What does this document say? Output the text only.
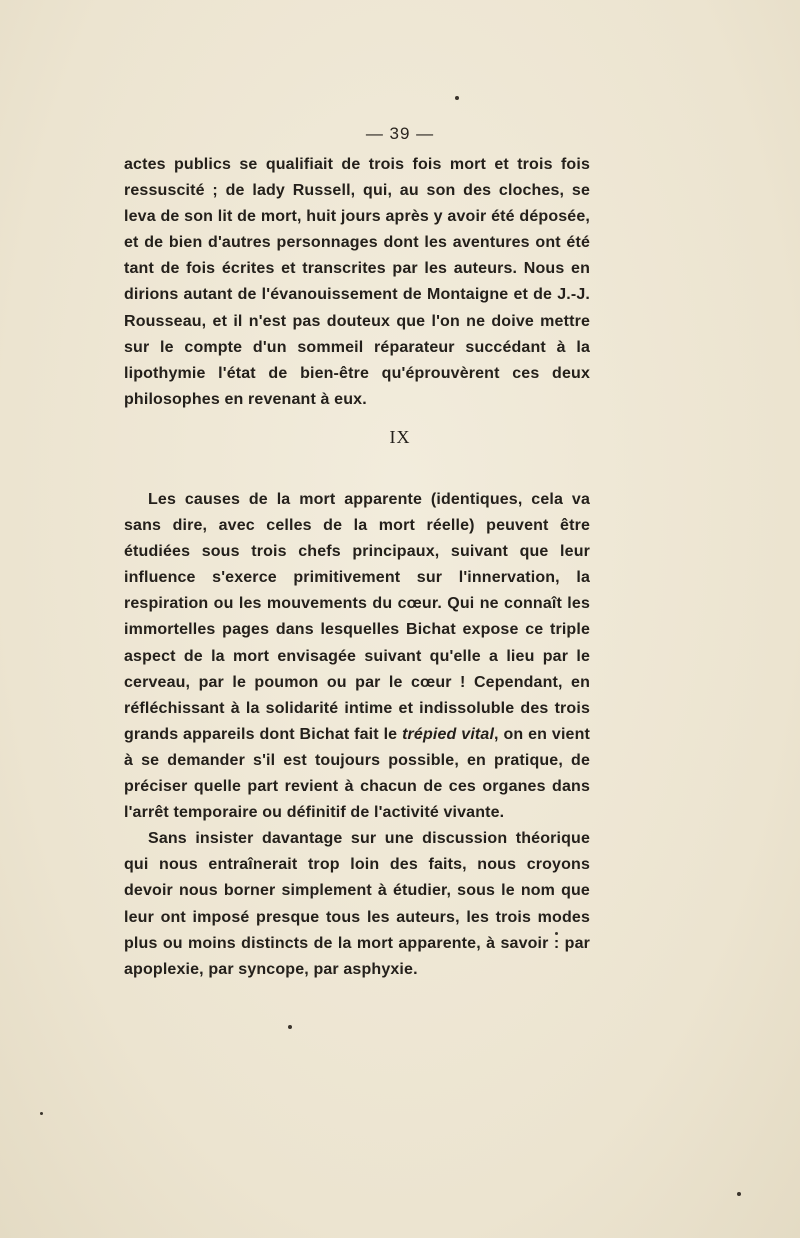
— 39 —

actes publics se qualifiait de trois fois mort et trois fois ressuscité ; de lady Russell, qui, au son des cloches, se leva de son lit de mort, huit jours après y avoir été déposée, et de bien d'autres personnages dont les aventures ont été tant de fois écrites et transcrites par les auteurs. Nous en dirions autant de l'évanouissement de Montaigne et de J.-J. Rousseau, et il n'est pas douteux que l'on ne doive mettre sur le compte d'un sommeil réparateur succédant à la lipothymie l'état de bien-être qu'éprouvèrent ces deux philosophes en revenant à eux.

IX

Les causes de la mort apparente (identiques, cela va sans dire, avec celles de la mort réelle) peuvent être étudiées sous trois chefs principaux, suivant que leur influence s'exerce primitivement sur l'innervation, la respiration ou les mouvements du cœur. Qui ne connaît les immortelles pages dans lesquelles Bichat expose ce triple aspect de la mort envisagée suivant qu'elle a lieu par le cerveau, par le poumon ou par le cœur ! Cependant, en réfléchissant à la solidarité intime et indissoluble des trois grands appareils dont Bichat fait le trépied vital, on en vient à se demander s'il est toujours possible, en pratique, de préciser quelle part revient à chacun de ces organes dans l'arrêt temporaire ou définitif de l'activité vivante.

Sans insister davantage sur une discussion théorique qui nous entraînerait trop loin des faits, nous croyons devoir nous borner simplement à étudier, sous le nom que leur ont imposé presque tous les auteurs, les trois modes plus ou moins distincts de la mort apparente, à savoir : par apoplexie, par syncope, par asphyxie.
